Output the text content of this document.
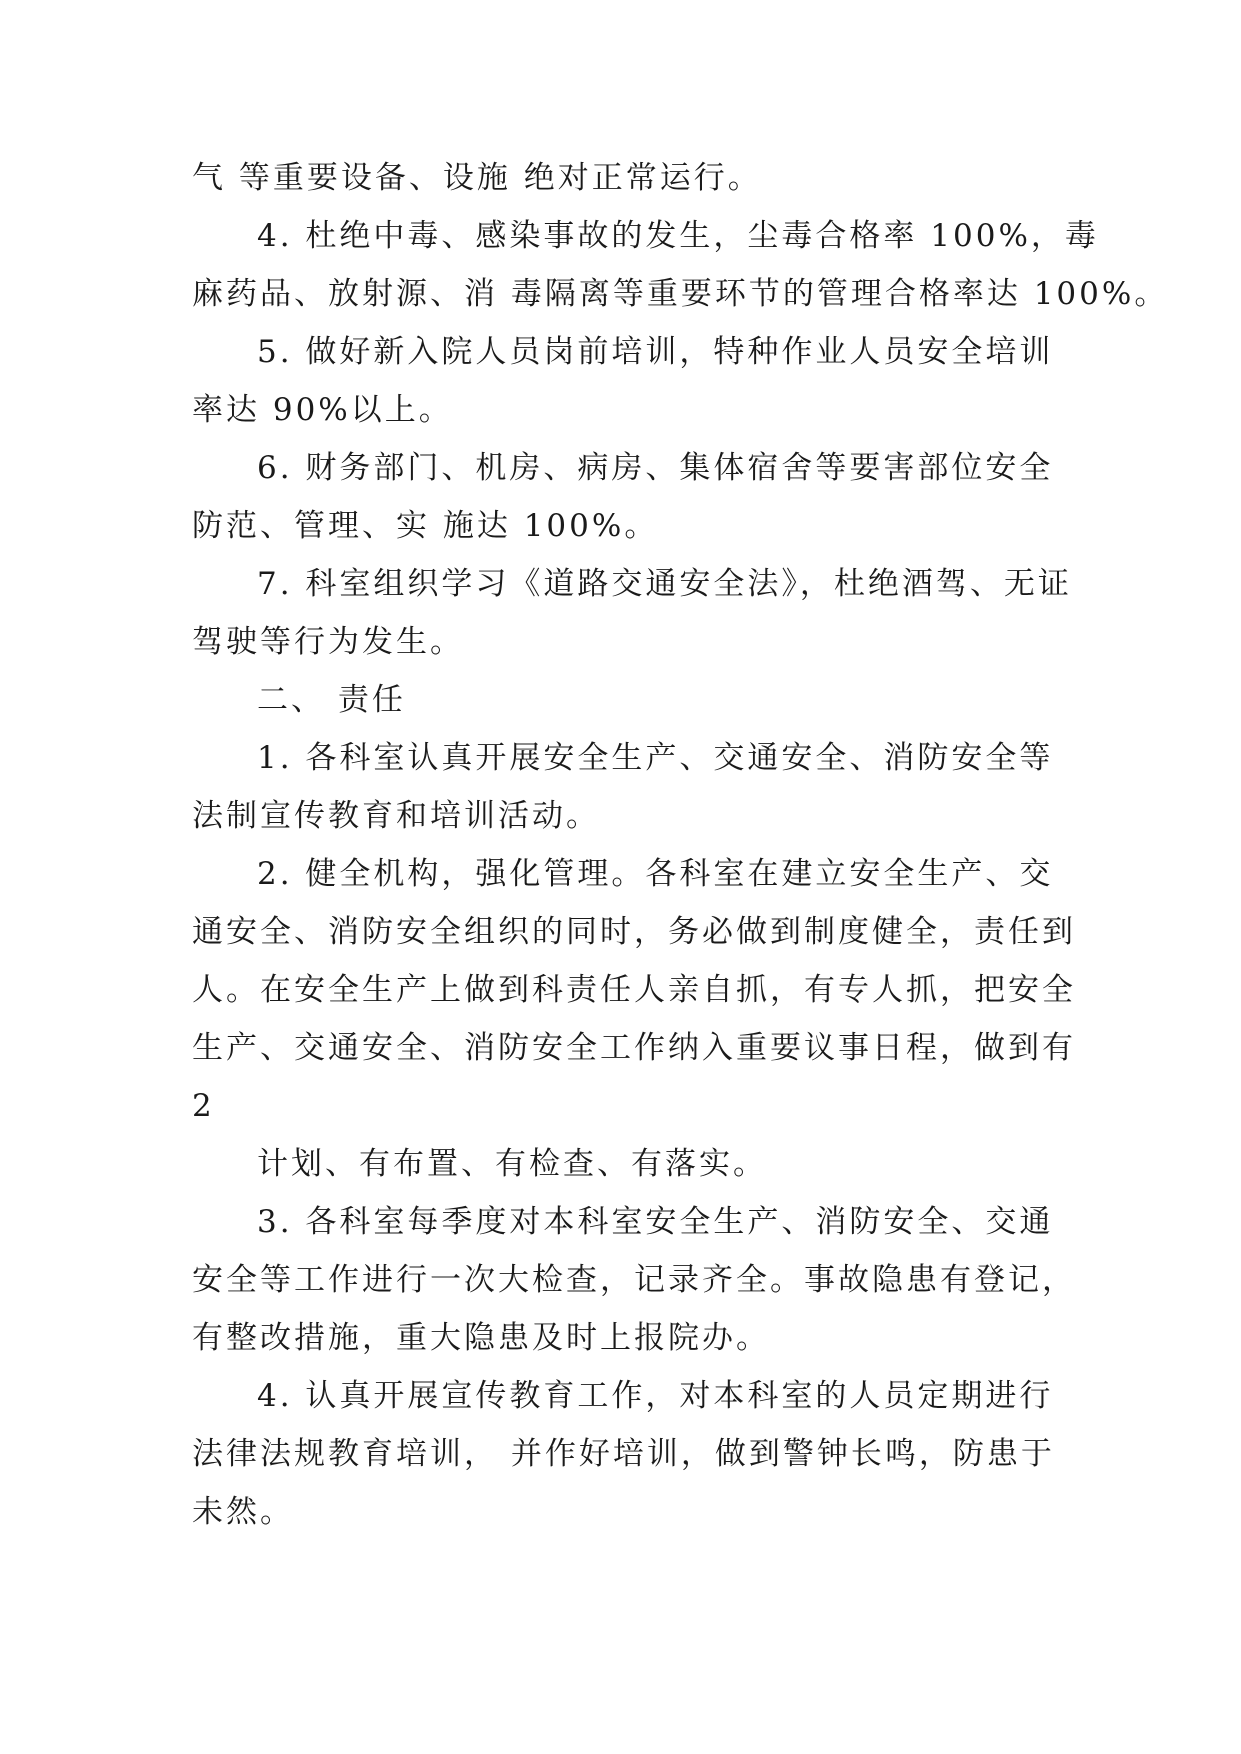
气 等重要设备、设施 绝对正常运行。
4. 杜绝中毒、感染事故的发生，尘毒合格率 100%，毒
麻药品、放射源、消 毒隔离等重要环节的管理合格率达 100%。
5. 做好新入院人员岗前培训，特种作业人员安全培训
率达 90%以上。
6. 财务部门、机房、病房、集体宿舍等要害部位安全
防范、管理、实 施达 100%。
7. 科室组织学习《道路交通安全法》，杜绝酒驾、无证
驾驶等行为发生。
二、 责任
1. 各科室认真开展安全生产、交通安全、消防安全等
法制宣传教育和培训活动。
2. 健全机构，强化管理。各科室在建立安全生产、交
通安全、消防安全组织的同时，务必做到制度健全，责任到
人。在安全生产上做到科责任人亲自抓，有专人抓，把安全
生产、交通安全、消防安全工作纳入重要议事日程，做到有
2
计划、有布置、有检查、有落实。
3. 各科室每季度对本科室安全生产、消防安全、交通
安全等工作进行一次大检查，记录齐全。事故隐患有登记，
有整改措施，重大隐患及时上报院办。
4. 认真开展宣传教育工作，对本科室的人员定期进行
法律法规教育培训， 并作好培训，做到警钟长鸣，防患于
未然。
